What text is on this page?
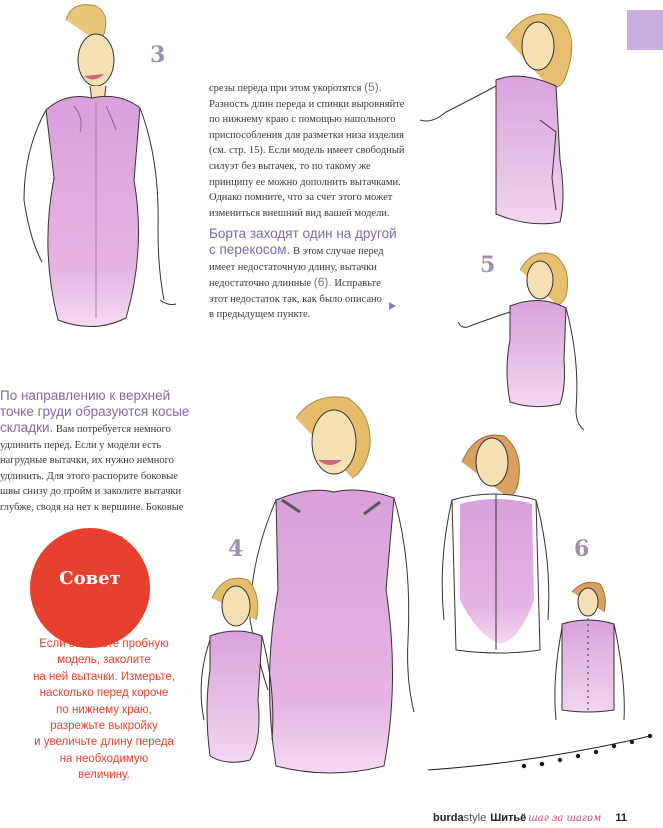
3
5
4	6
срезы переда при этом укоротятся (5).
Разность длин переда и спинки выровняйте
по нижнему краю с помощью напольного
приспособления для разметки низа изделия
(см. стр. 15). Если модель имеет свободный
силуэт без вытачек, то по такому же
принципу ее можно дополнить вытачками.
Однако помните, что за счет этого может
измениться внешний вид вашей модели.
Борта заходят один на другой
с перекосом. В этом случае перед
имеет недостаточную длину, вытачки
недостаточно длинные (6). Исправьте
этот недостаток так, как было описано
в предыдущем пункте.
По направлению к верхней
точке груди образуются косые
складки. Вам потребуется немного
удлинить перед. Если у модели есть
нагрудные вытачки, их нужно немного
удлинить. Для этого распорите боковые
швы снизу до пройм и заколите вытачки
глубже, сводя на нет к вершине. Боковые
Совет
Если вы шьете пробную
модель, заколите
на ней вытачки. Измерьте,
насколько перед короче
по нижнему краю,
разрежьте выкройку
и увеличьте длину переда
на необходимую
величину.
burdastyle Шитьё шаг за шагом 11
